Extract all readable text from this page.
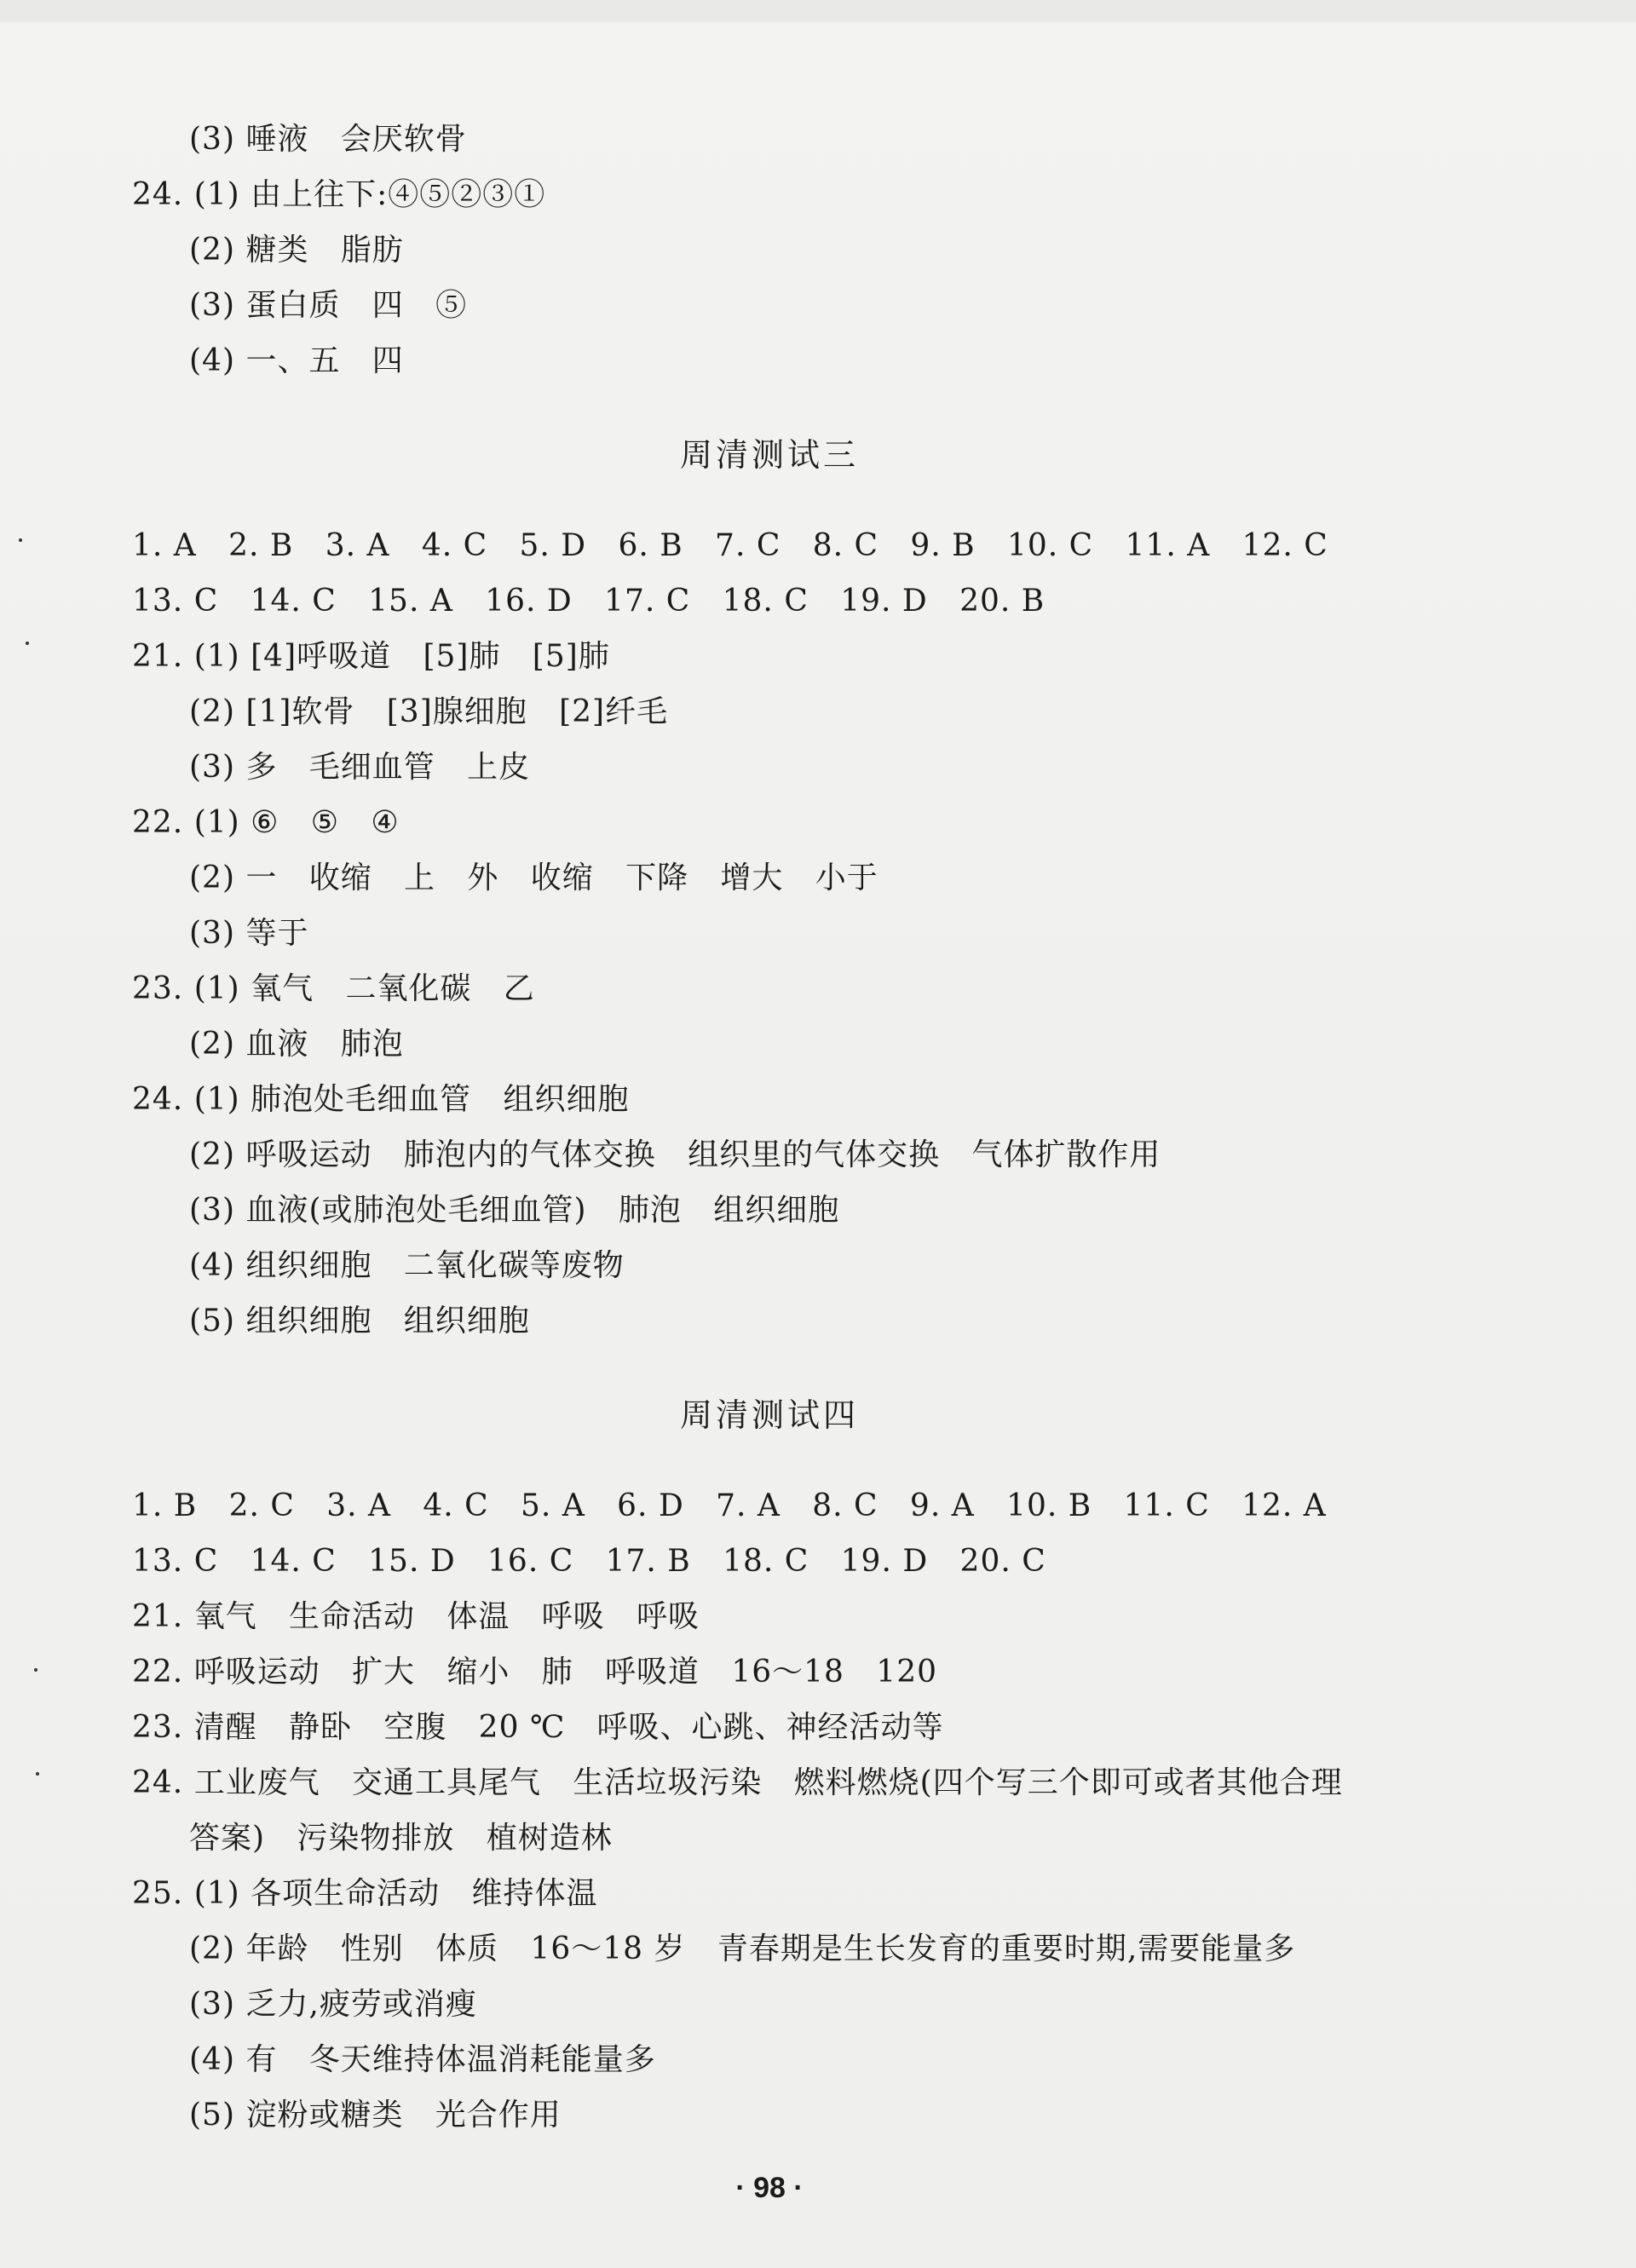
(3) 唾液   会厌软骨
24. (1) 由上往下:④⑤②③①
(2) 糖类   脂肪
(3) 蛋白质   四   ⑤
(4) 一、五   四
周清测试三
1. A   2. B   3. A   4. C   5. D   6. B   7. C   8. C   9. B   10. C   11. A   12. C
13. C   14. C   15. A   16. D   17. C   18. C   19. D   20. B
21. (1) [4]呼吸道   [5]肺   [5]肺
(2) [1]软骨   [3]腺细胞   [2]纤毛
(3) 多   毛细血管   上皮
22. (1) ⑥   ⑤   ④
(2) 一   收缩   上   外   收缩   下降   增大   小于
(3) 等于
23. (1) 氧气   二氧化碳   乙
(2) 血液   肺泡
24. (1) 肺泡处毛细血管   组织细胞
(2) 呼吸运动   肺泡内的气体交换   组织里的气体交换   气体扩散作用
(3) 血液(或肺泡处毛细血管)   肺泡   组织细胞
(4) 组织细胞   二氧化碳等废物
(5) 组织细胞   组织细胞
周清测试四
1. B   2. C   3. A   4. C   5. A   6. D   7. A   8. C   9. A   10. B   11. C   12. A
13. C   14. C   15. D   16. C   17. B   18. C   19. D   20. C
21. 氧气   生命活动   体温   呼吸   呼吸
22. 呼吸运动   扩大   缩小   肺   呼吸道   16～18   120
23. 清醒   静卧   空腹   20 ℃   呼吸、心跳、神经活动等
24. 工业废气   交通工具尾气   生活垃圾污染   燃料燃烧(四个写三个即可或者其他合理
答案)   污染物排放   植树造林
25. (1) 各项生命活动   维持体温
(2) 年龄   性别   体质   16～18 岁   青春期是生长发育的重要时期,需要能量多
(3) 乏力,疲劳或消瘦
(4) 有   冬天维持体温消耗能量多
(5) 淀粉或糖类   光合作用
· 98 ·
